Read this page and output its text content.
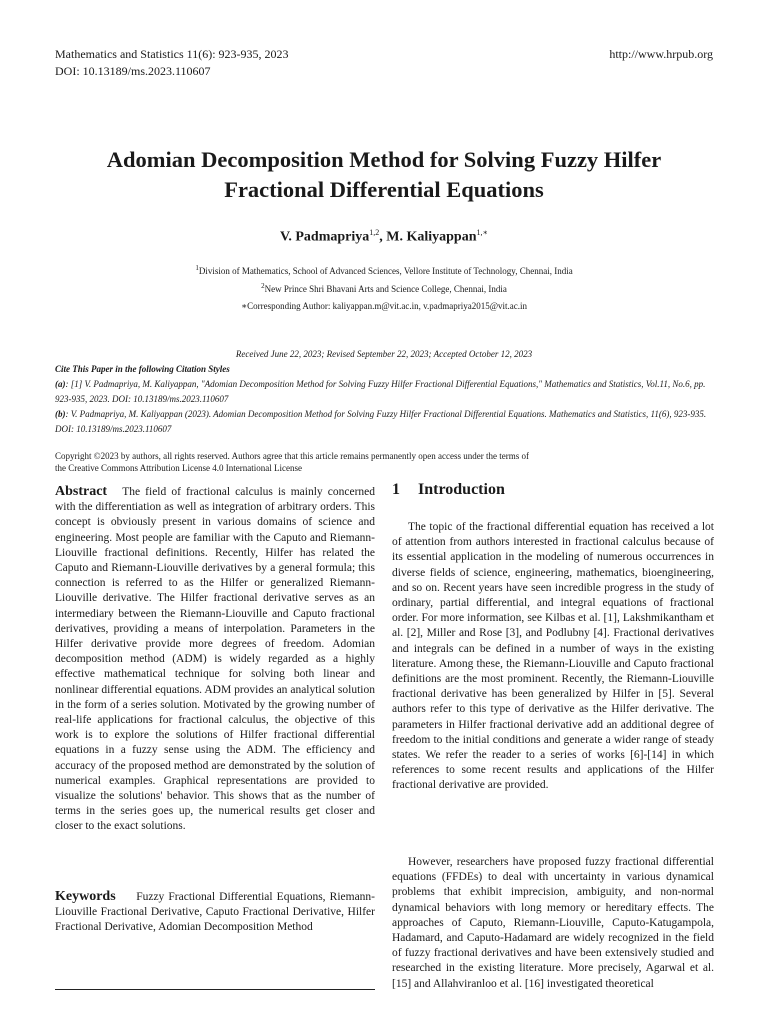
Mathematics and Statistics 11(6): 923-935, 2023
DOI: 10.13189/ms.2023.110607
http://www.hrpub.org
Adomian Decomposition Method for Solving Fuzzy Hilfer
Fractional Differential Equations
V. Padmapriya$^{1,2}$, M. Kaliyappan$^{1,∗}$
$^1$Division of Mathematics, School of Advanced Sciences, Vellore Institute of Technology, Chennai, India
$^2$New Prince Shri Bhavani Arts and Science College, Chennai, India
∗Corresponding Author: kaliyappan.m@vit.ac.in, v.padmapriya2015@vit.ac.in
Received June 22, 2023; Revised September 22, 2023; Accepted October 12, 2023
Cite This Paper in the following Citation Styles
(a): [1] V. Padmapriya, M. Kaliyappan, "Adomian Decomposition Method for Solving Fuzzy Hilfer Fractional Differential Equations," Mathematics and Statistics, Vol.11, No.6, pp. 923-935, 2023. DOI: 10.13189/ms.2023.110607
(b): V. Padmapriya, M. Kaliyappan (2023). Adomian Decomposition Method for Solving Fuzzy Hilfer Fractional Differential Equations. Mathematics and Statistics, 11(6), 923-935. DOI: 10.13189/ms.2023.110607
Copyright ©2023 by authors, all rights reserved. Authors agree that this article remains permanently open access under the terms of
the Creative Commons Attribution License 4.0 International License

Abstract The field of fractional calculus is mainly concerned with the differentiation as well as integration of arbitrary orders. This concept is obviously present in various domains of science and engineering. Most people are familiar with the Caputo and Riemann-Liouville fractional definitions. Recently, Hilfer has related the Caputo and Riemann-Liouville derivatives by a general formula; this connection is referred to as the Hilfer or generalized Riemann-Liouville derivative. The Hilfer fractional derivative serves as an intermediary between the Riemann-Liouville and Caputo fractional derivatives, providing a means of interpolation. Parameters in the Hilfer derivative provide more degrees of freedom. Adomian decomposition method (ADM) is widely regarded as a highly effective mathematical technique for solving both linear and nonlinear differential equations. ADM provides an analytical solution in the form of a series solution. Motivated by the growing number of real-life applications for fractional calculus, the objective of this work is to explore the solutions of Hilfer fractional differential equations in a fuzzy sense using the ADM. The efficiency and accuracy of the proposed method are demonstrated by the solution of numerical examples. Graphical representations are provided to visualize the solutions' behavior. This shows that as the number of terms in the series goes up, the numerical results get closer and closer to the exact solutions.

Keywords Fuzzy Fractional Differential Equations, Riemann-Liouville Fractional Derivative, Caputo Fractional Derivative, Hilfer Fractional Derivative, Adomian Decomposition Method

1 Introduction

The topic of the fractional differential equation has received a lot of attention from authors interested in fractional calculus because of its essential application in the modeling of numerous occurrences in diverse fields of science, engineering, mathematics, bioengineering, and so on. Recent years have seen incredible progress in the study of ordinary, partial differential, and integral equations of fractional order. For more information, see Kilbas et al. [1], Lakshmikantham et al. [2], Miller and Rose [3], and Podlubny [4]. Fractional derivatives and integrals can be defined in a number of ways in the existing literature. Among these, the Riemann-Liouville and Caputo fractional definitions are the most prominent. Recently, the Riemann-Liouville fractional derivative has been generalized by Hilfer in [5]. Several authors refer to this type of derivative as the Hilfer derivative. The parameters in Hilfer fractional derivative add an additional degree of freedom to the initial conditions and generate a wider range of steady states. We refer the reader to a series of works [6]-[14] in which references to some recent results and applications of the Hilfer fractional derivative are provided.

However, researchers have proposed fuzzy fractional differential equations (FFDEs) to deal with uncertainty in various dynamical problems that exhibit imprecision, ambiguity, and non-normal dynamical behaviors with long memory or hereditary effects. The approaches of Caputo, Riemann-Liouville, Caputo-Katugampola, Hadamard, and Caputo-Hadamard are widely recognized in the field of fuzzy fractional derivatives and have been extensively studied and researched in the existing literature. More precisely, Agarwal et al. [15] and Allahviranloo et al. [16] investigated theoretical
